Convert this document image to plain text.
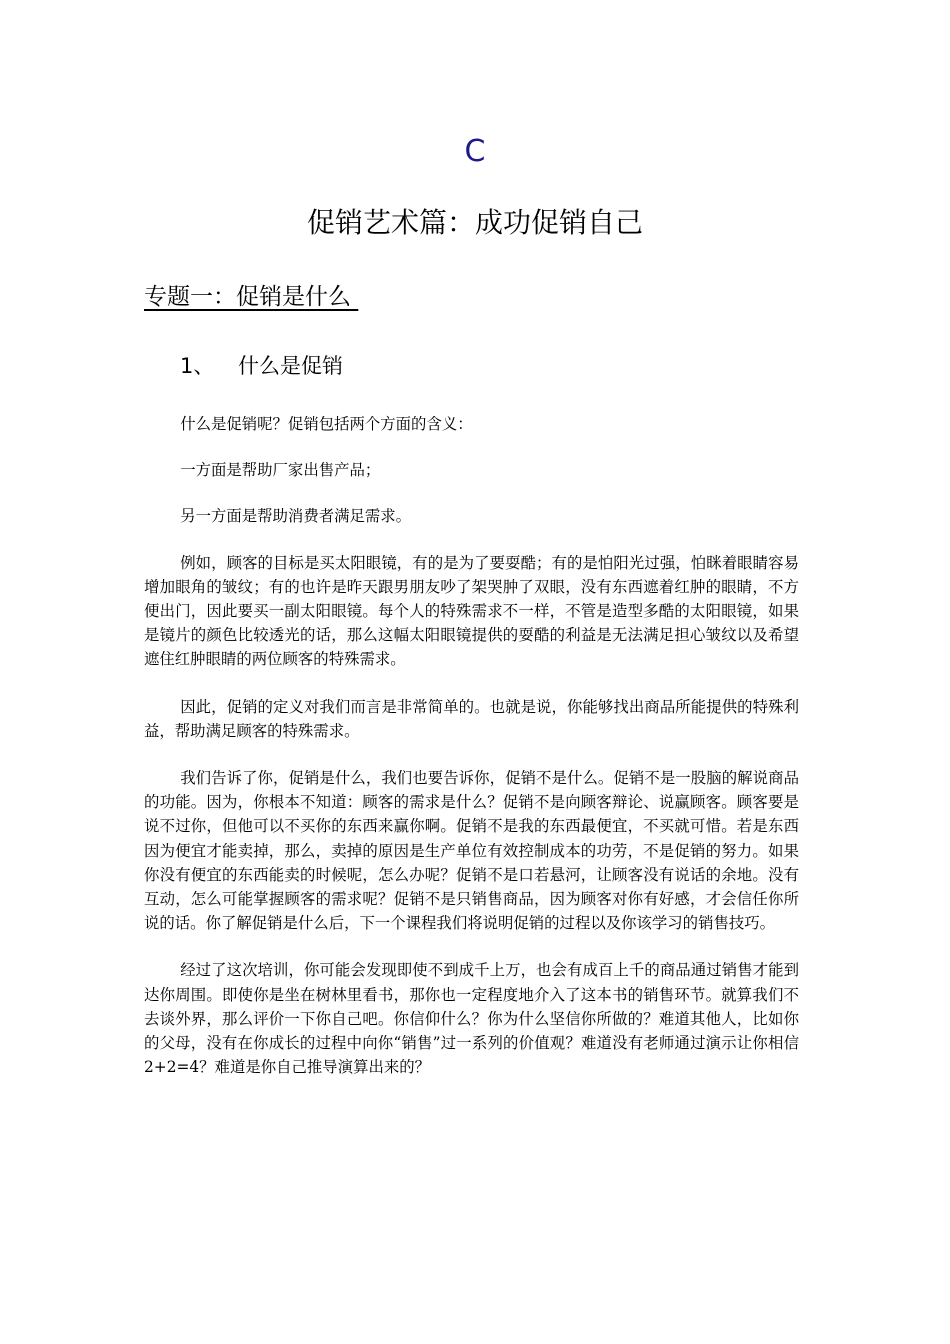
C
促销艺术篇：成功促销自己
专题一：促销是什么
1、 什么是促销

什么是促销呢？促销包括两个方面的含义：

一方面是帮助厂家出售产品；

另一方面是帮助消费者满足需求。

例如，顾客的目标是买太阳眼镜，有的是为了要耍酷；有的是怕阳光过强，怕眯着眼睛容易增加眼角的皱纹；有的也许是昨天跟男朋友吵了架哭肿了双眼，没有东西遮着红肿的眼睛，不方便出门，因此要买一副太阳眼镜。每个人的特殊需求不一样，不管是造型多酷的太阳眼镜，如果是镜片的颜色比较透光的话，那么这幅太阳眼镜提供的耍酷的利益是无法满足担心皱纹以及希望遮住红肿眼睛的两位顾客的特殊需求。

因此，促销的定义对我们而言是非常简单的。也就是说，你能够找出商品所能提供的特殊利益，帮助满足顾客的特殊需求。

我们告诉了你，促销是什么，我们也要告诉你，促销不是什么。促销不是一股脑的解说商品的功能。因为，你根本不知道：顾客的需求是什么？促销不是向顾客辩论、说赢顾客。顾客要是说不过你，但他可以不买你的东西来赢你啊。促销不是我的东西最便宜，不买就可惜。若是东西因为便宜才能卖掉，那么，卖掉的原因是生产单位有效控制成本的功劳，不是促销的努力。如果你没有便宜的东西能卖的时候呢，怎么办呢？促销不是口若悬河，让顾客没有说话的余地。没有互动，怎么可能掌握顾客的需求呢？促销不是只销售商品，因为顾客对你有好感，才会信任你所说的话。你了解促销是什么后，下一个课程我们将说明促销的过程以及你该学习的销售技巧。

经过了这次培训，你可能会发现即使不到成千上万，也会有成百上千的商品通过销售才能到达你周围。即使你是坐在树林里看书，那你也一定程度地介入了这本书的销售环节。就算我们不去谈外界，那么评价一下你自己吧。你信仰什么？你为什么坚信你所做的？难道其他人，比如你的父母，没有在你成长的过程中向你“销售”过一系列的价值观？难道没有老师通过演示让你相信2+2=4？难道是你自己推导演算出来的？
